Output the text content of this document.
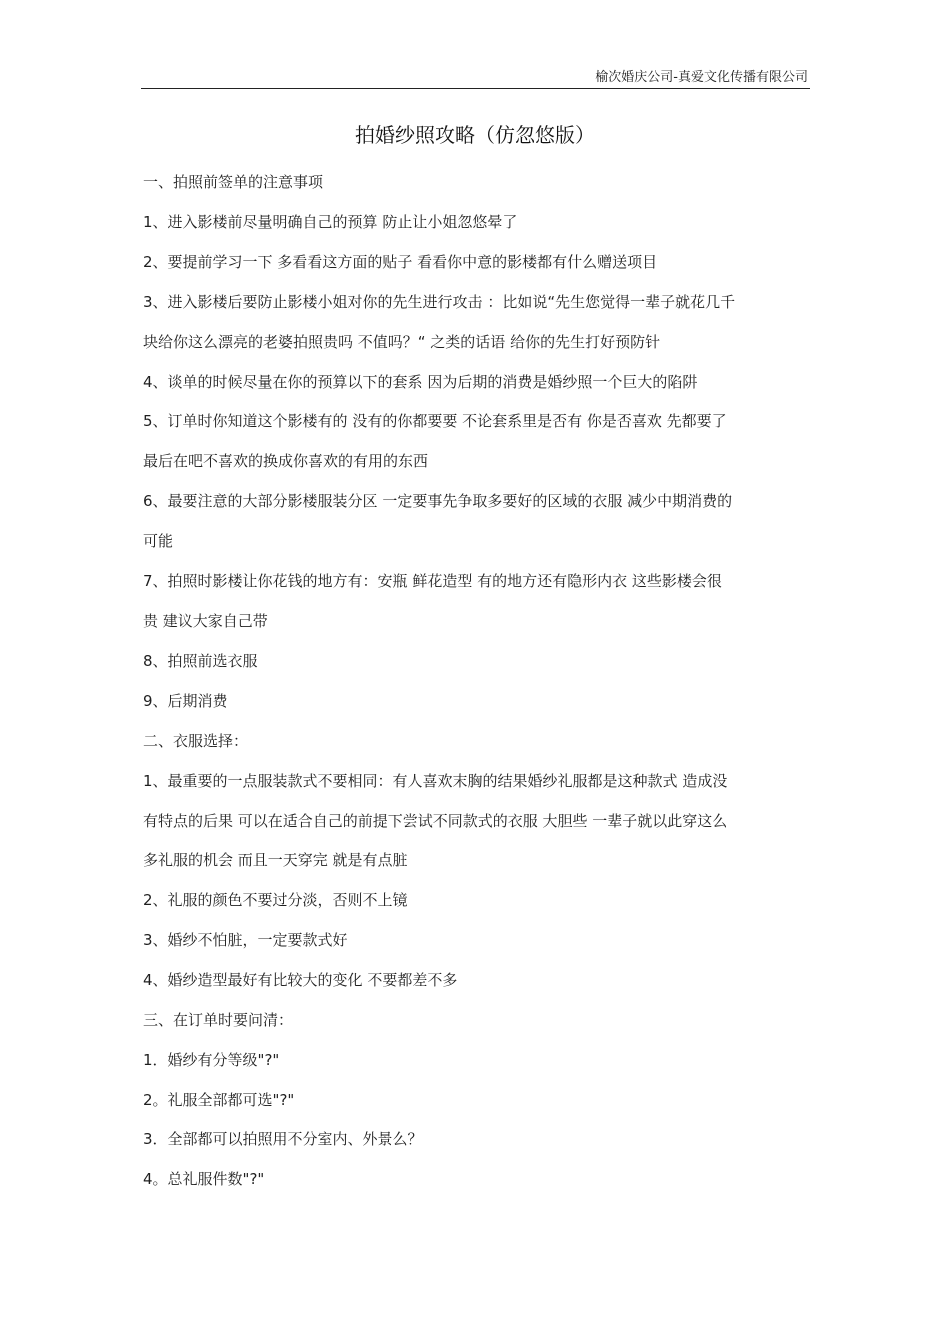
榆次婚庆公司-真爱文化传播有限公司
拍婚纱照攻略（仿忽悠版）
一、拍照前签单的注意事项
1、进入影楼前尽量明确自己的预算 防止让小姐忽悠晕了
2、要提前学习一下 多看看这方面的贴子 看看你中意的影楼都有什么赠送项目
3、进入影楼后要防止影楼小姐对你的先生进行攻击 ：比如说“先生您觉得一辈子就花几千
块给你这么漂亮的老婆拍照贵吗 不值吗？“ 之类的话语 给你的先生打好预防针
4、谈单的时候尽量在你的预算以下的套系 因为后期的消费是婚纱照一个巨大的陷阱
5、订单时你知道这个影楼有的 没有的你都要要 不论套系里是否有 你是否喜欢 先都要了
最后在吧不喜欢的换成你喜欢的有用的东西
6、最要注意的大部分影楼服装分区 一定要事先争取多要好的区域的衣服 减少中期消费的
可能
7、拍照时影楼让你花钱的地方有：安瓶 鲜花造型 有的地方还有隐形内衣 这些影楼会很
贵 建议大家自己带
8、拍照前选衣服
9、后期消费
二、衣服选择：
1、最重要的一点服装款式不要相同：有人喜欢末胸的结果婚纱礼服都是这种款式 造成没
有特点的后果 可以在适合自己的前提下尝试不同款式的衣服 大胆些 一辈子就以此穿这么
多礼服的机会 而且一天穿完 就是有点脏
2、礼服的颜色不要过分淡，否则不上镜
3、婚纱不怕脏，一定要款式好
4、婚纱造型最好有比较大的变化 不要都差不多
三、在订单时要问清：
1．婚纱有分等级"?"
2。礼服全部都可选"?"
3．全部都可以拍照用不分室内、外景么？
4。总礼服件数"?"
